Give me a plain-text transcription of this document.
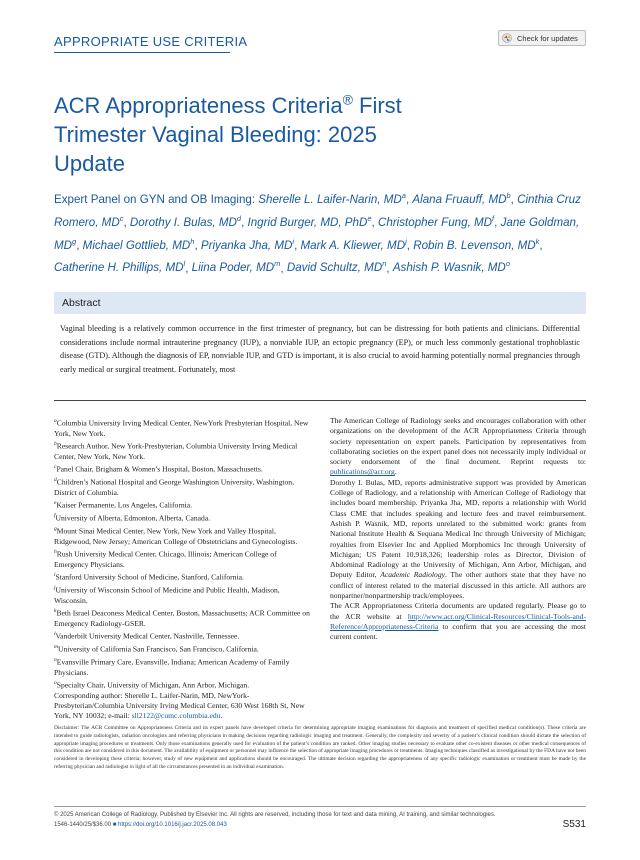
APPROPRIATE USE CRITERIA	Check for updates
ACR Appropriateness Criteria® First
Trimester Vaginal Bleeding: 2025
Update
Expert Panel on GYN and OB Imaging: Sherelle L. Laifer-Narin, $MD^a$, Alana Fruauff, $MD^b$, Cinthia Cruz Romero, $MD^c$, Dorothy I. Bulas, $MD^d$, Ingrid Burger, MD, PhD$^e$, Christopher Fung, $MD^f$, Jane Goldman, $MD^g$, Michael Gottlieb, $MD^h$, Priyanka Jha, $MD^i$, Mark A. Kliewer, $MD^j$, Robin B. Levenson, $MD^k$, Catherine H. Phillips, $MD^l$, Liina Poder, $MD^m$, David Schultz, $MD^n$, Ashish P. Wasnik, $MD^o$
Abstract
Vaginal bleeding is a relatively common occurrence in the first trimester of pregnancy, but can be distressing for both patients and clinicians. Differential considerations include normal intrauterine pregnancy (IUP), a nonviable IUP, an ectopic pregnancy (EP), or much less commonly gestational trophoblastic disease (GTD). Although the diagnosis of EP, nonviable IUP, and GTD is important, it is also crucial to avoid harming potentially normal pregnancies through early medical or surgical treatment. Fortunately, most

$^a$Columbia University Irving Medical Center, NewYork Presbyterian Hospital, New York, New York.

$^b$Research Author, New York-Presbyterian, Columbia University Irving Medical Center, New York, New York.

$^c$Panel Chair, Brigham & Women’s Hospital, Boston, Massachusetts.

$^d$Children’s National Hospital and George Washington University, Washington, District of Columbia.

$^e$Kaiser Permanente, Los Angeles, California.

$^f$University of Alberta, Edmonton, Alberta, Canada.

$^g$Mount Sinai Medical Center, New York, New York and Valley Hospital, Ridgewood, New Jersey; American College of Obstetricians and Gynecologists.

$^h$Rush University Medical Center, Chicago, Illinois; American College of Emergency Physicians.

$^i$Stanford University School of Medicine, Stanford, California.

$^j$University of Wisconsin School of Medicine and Public Health, Madison, Wisconsin.

$^k$Beth Israel Deaconess Medical Center, Boston, Massachusetts; ACR Committee on Emergency Radiology-GSER.

$^l$Vanderbilt University Medical Center, Nashville, Tennessee.

$^m$University of California San Francisco, San Francisco, California.

$^n$Evansville Primary Care, Evansville, Indiana; American Academy of Family Physicians.

$^o$Specialty Chair, University of Michigan, Ann Arbor, Michigan.

Corresponding author: Sherelle L. Laifer-Narin, MD, NewYork-Presbyterian/Columbia University Irving Medical Center, 630 West 168th St, New York, NY 10032; e-mail: sll2122@cumc.columbia.edu.

The American College of Radiology seeks and encourages collaboration with other organizations on the development of the ACR Appropriateness Criteria through society representation on expert panels. Participation by representatives from collaborating societies on the expert panel does not necessarily imply individual or society endorsement of the final document. Reprint requests to: publications@acr.org.

Dorothy I. Bulas, MD, reports administrative support was provided by American College of Radiology, and a relationship with American College of Radiology that includes board membership. Priyanka Jha, MD, reports a relationship with World Class CME that includes speaking and lecture fees and travel reimbursement. Ashish P. Wasnik, MD, reports unrelated to the submitted work: grants from National Institute Health & Sequana Medical Inc through University of Michigan; royalties from Elsevier Inc and Applied Morphomics Inc through University of Michigan; US Patent 10,918,326; leadership roles as Director, Division of Abdominal Radiology at the University of Michigan, Ann Arbor, Michigan, and Deputy Editor, Academic Radiology. The other authors state that they have no conflict of interest related to the material discussed in this article. All authors are nonpartner/nonpartnership track/employees.

The ACR Appropriateness Criteria documents are updated regularly. Please go to the ACR website at http://www.acr.org/Clinical-Resources/Clinical-Tools-and-Reference/Appropriateness-Criteria to confirm that you are accessing the most current content.

Disclaimer: The ACR Committee on Appropriateness Criteria and its expert panels have developed criteria for determining appropriate imaging examinations for diagnosis and treatment of specified medical condition(s). These criteria are intended to guide radiologists, radiation oncologists and referring physicians in making decisions regarding radiologic imaging and treatment. Generally, the complexity and severity of a patient’s clinical condition should dictate the selection of appropriate imaging procedures or treatments. Only those examinations generally used for evaluation of the patient’s condition are ranked. Other imaging studies necessary to evaluate other co-existent diseases or other medical consequences of this condition are not considered in this document. The availability of equipment or personnel may influence the selection of appropriate imaging procedures or treatments. Imaging techniques classified as investigational by the FDA have not been considered in developing these criteria; however, study of new equipment and applications should be encouraged. The ultimate decision regarding the appropriateness of any specific radiologic examination or treatment must be made by the referring physician and radiologist in light of all the circumstances presented in an individual examination.
© 2025 American College of Radiology. Published by Elsevier Inc. All rights are reserved, including those for text and data mining, AI training, and similar technologies.
1546-1440/25/$36.00 ■ https://doi.org/10.1016/j.jacr.2025.08.043	S531
